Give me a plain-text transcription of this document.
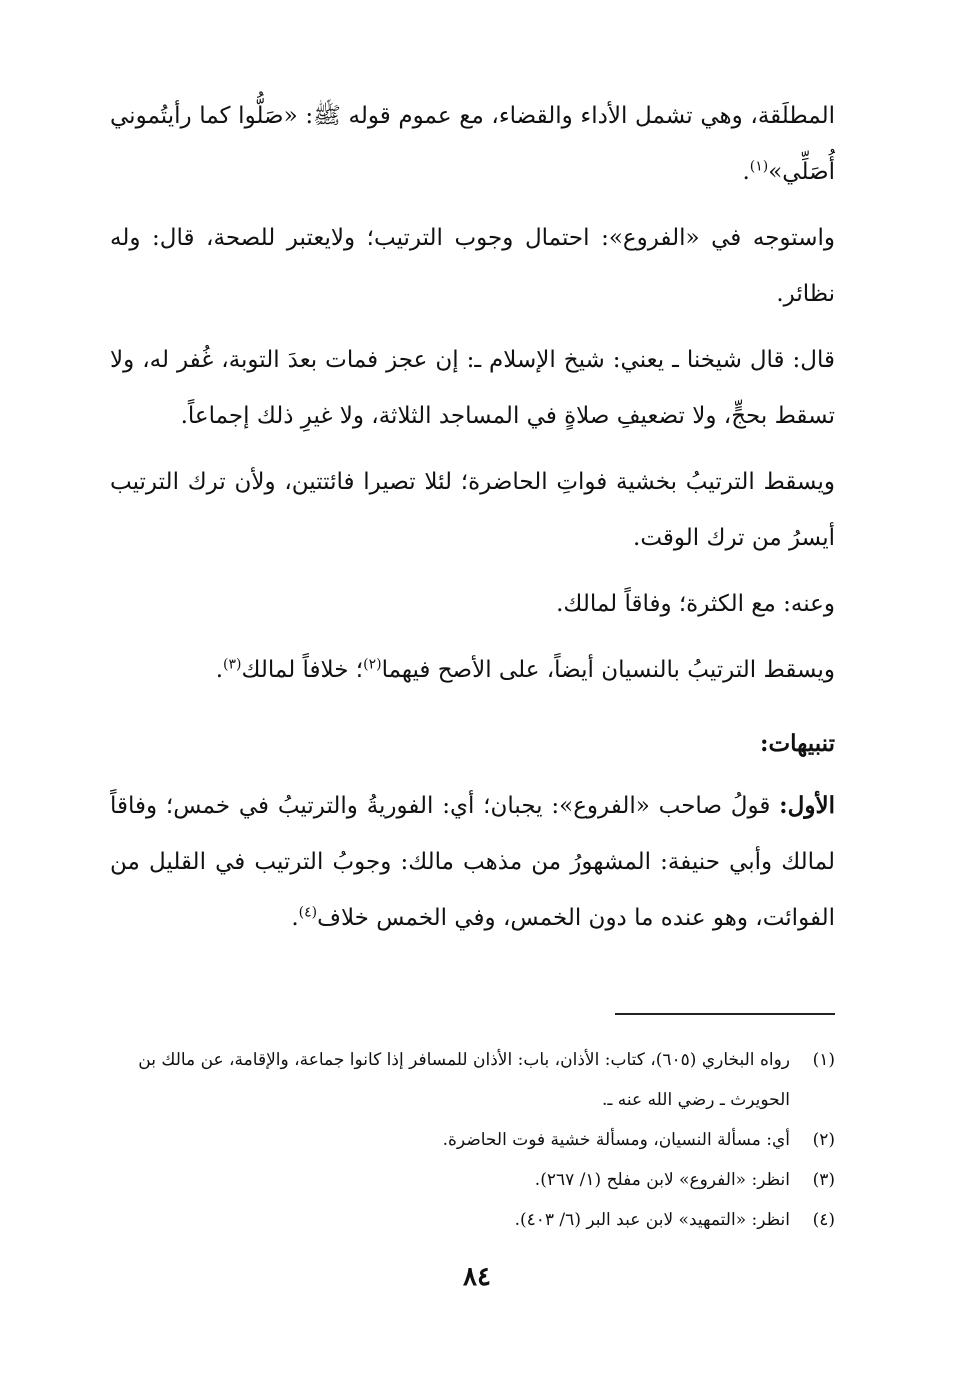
المطلَقة، وهي تشمل الأداء والقضاء، مع عموم قوله ﷺ: «صَلُّوا كما رأيتُموني أُصَلِّي»$^{(١)}$.

واستوجه في «الفروع»: احتمال وجوب الترتيب؛ ولايعتبر للصحة، قال: وله نظائر.

قال: قال شيخنا ـ يعني: شيخ الإسلام ـ: إن عجز فمات بعدَ التوبة، غُفر له، ولا تسقط بحجٍّ، ولا تضعيفِ صلاةٍ في المساجد الثلاثة، ولا غيرِ ذلك إجماعاً.

ويسقط الترتيبُ بخشية فواتِ الحاضرة؛ لئلا تصيرا فائتتين، ولأن ترك الترتيب أيسرُ من ترك الوقت.

وعنه: مع الكثرة؛ وفاقاً لمالك.

ويسقط الترتيبُ بالنسيان أيضاً، على الأصح فيهما$^{(٢)}$؛ خلافاً لمالك$^{(٣)}$.

تنبيهات:

الأول: قولُ صاحب «الفروع»: يجبان؛ أي: الفوريةُ والترتيبُ في خمس؛ وفاقاً لمالك وأبي حنيفة: المشهورُ من مذهب مالك: وجوبُ الترتيب في القليل من الفوائت، وهو عنده ما دون الخمس، وفي الخمس خلاف$^{(٤)}$.

(١)
رواه البخاري (٦٠٥)، كتاب: الأذان، باب: الأذان للمسافر إذا كانوا جماعة، والإقامة، عن مالك بن الحويرث ـ رضي الله عنه ـ.
(٢)
أي: مسألة النسيان، ومسألة خشية فوت الحاضرة.
(٣)
انظر: «الفروع» لابن مفلح (١/ ٢٦٧).
(٤)
انظر: «التمهيد» لابن عبد البر (٦/ ٤٠٣).
٨٤
